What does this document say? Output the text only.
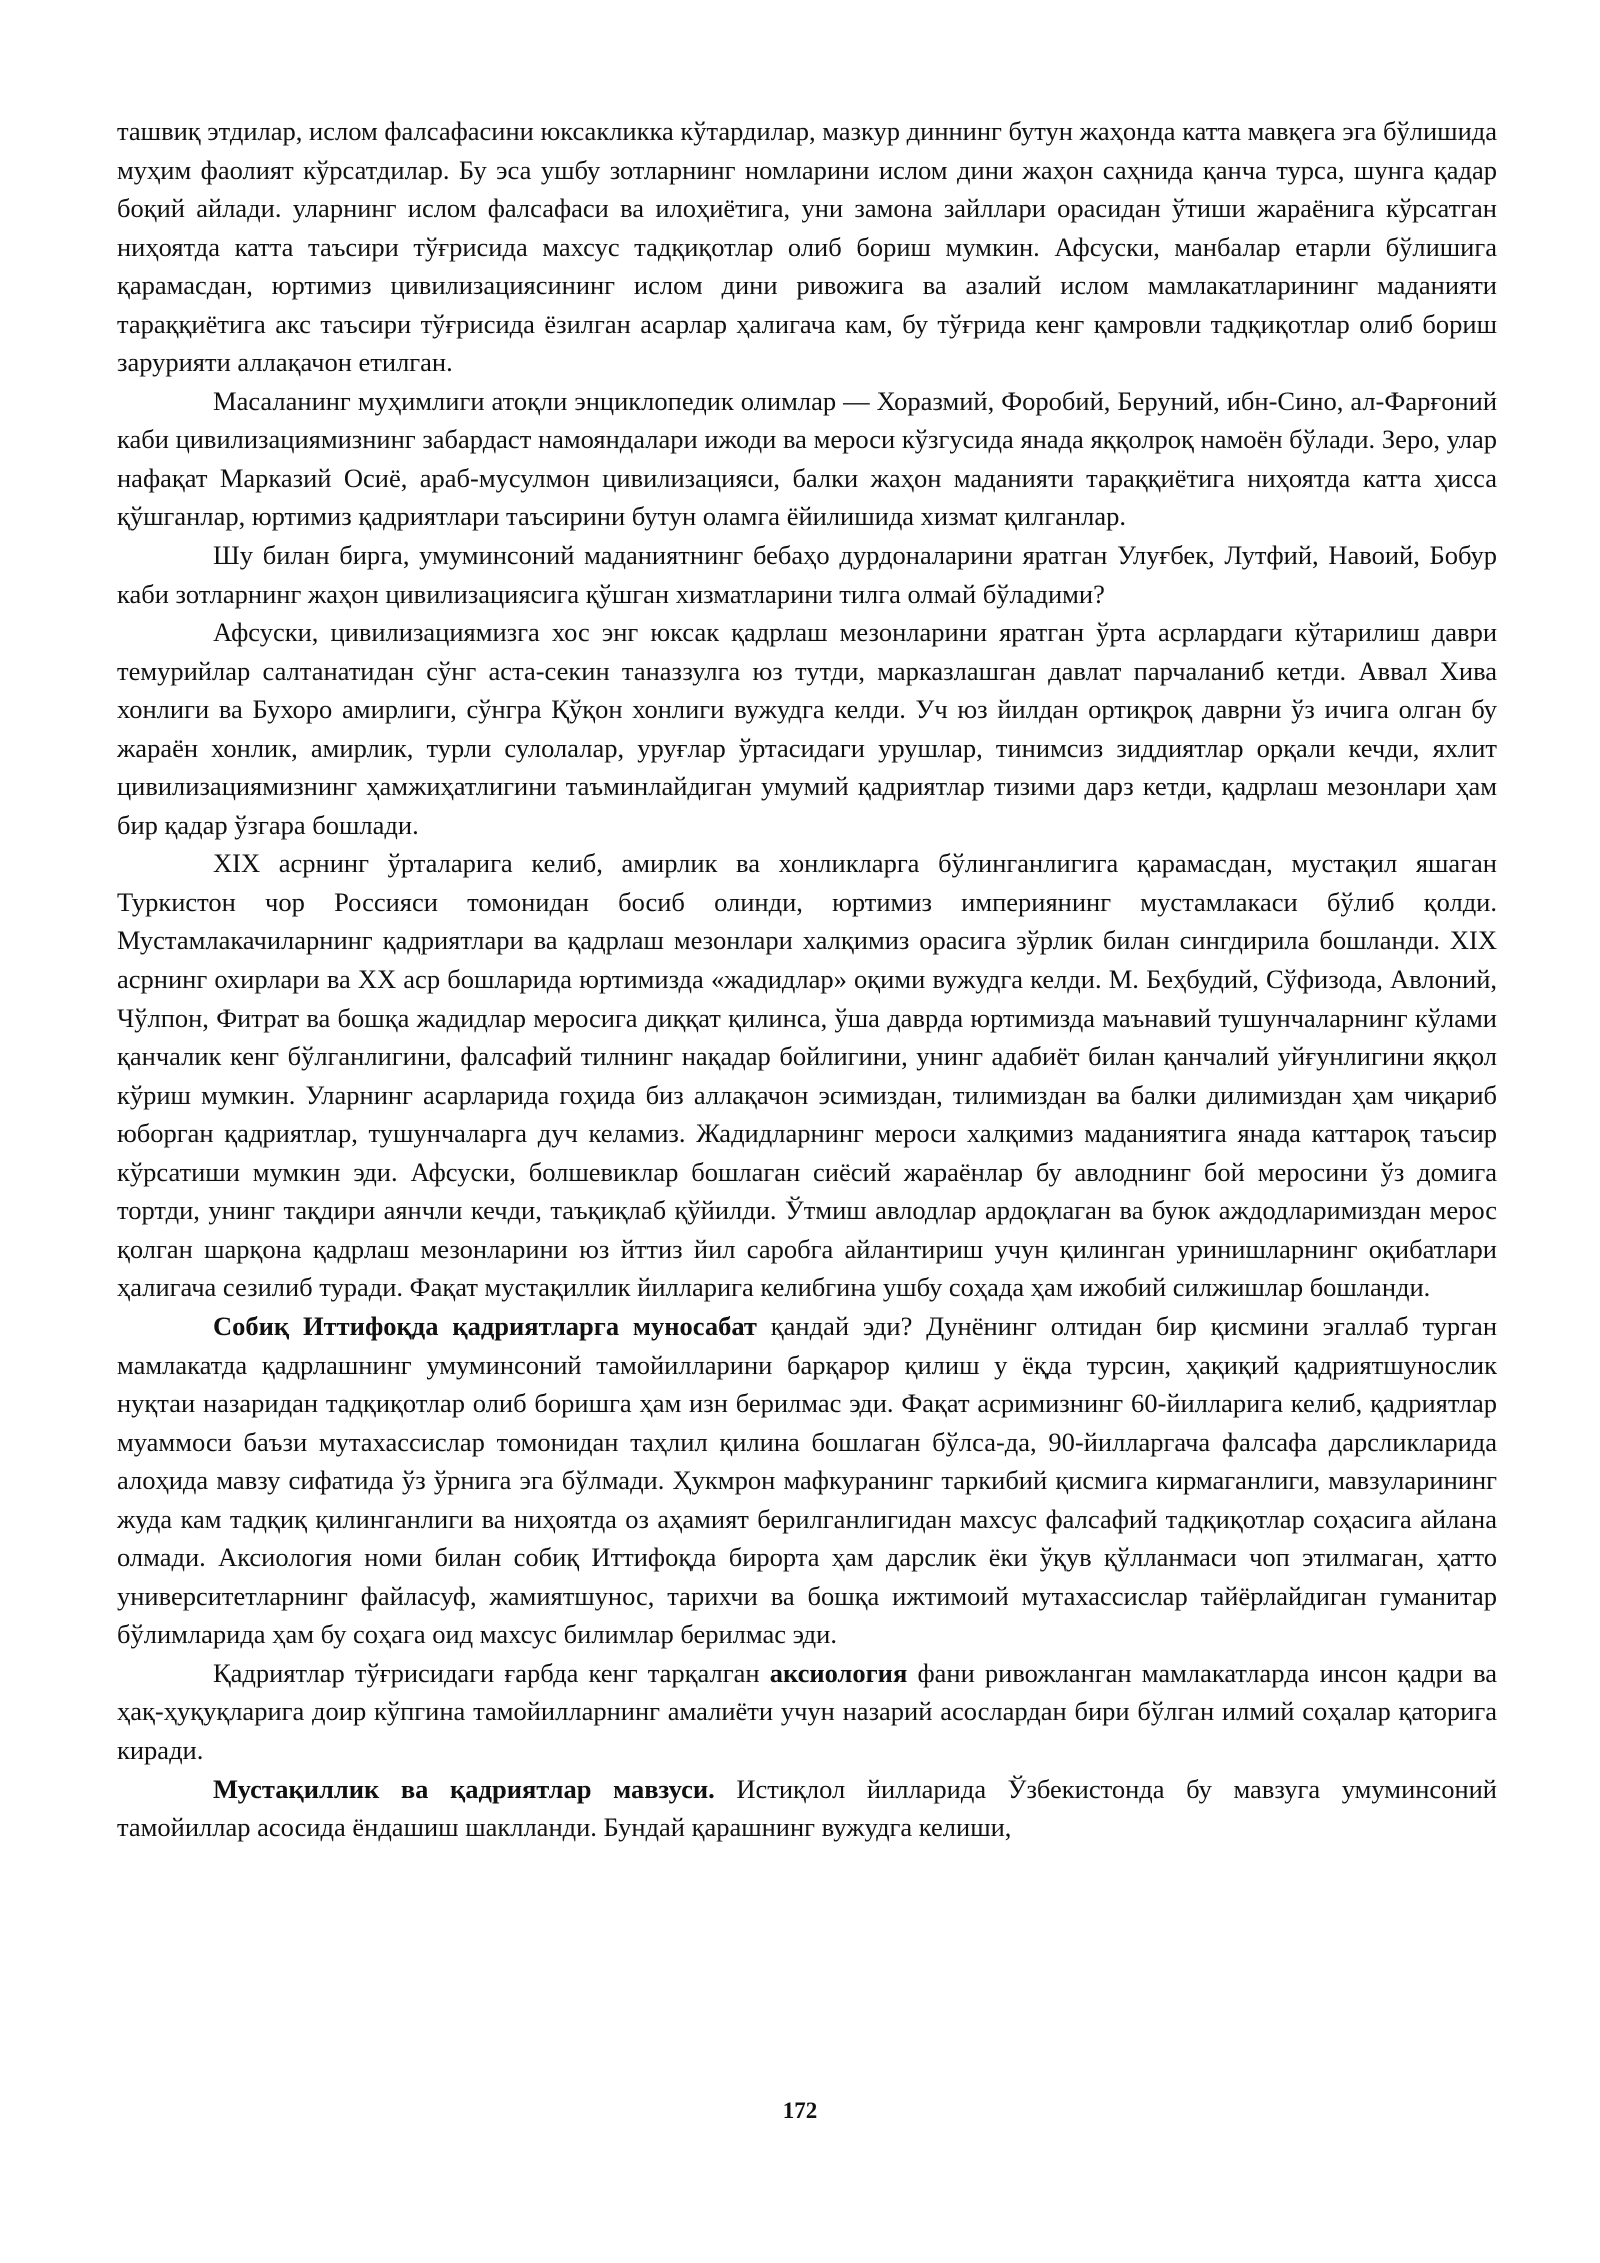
ташвиқ этдилар, ислом фалсафасини юксакликка кўтардилар, мазкур диннинг бутун жаҳонда катта мавқега эга бўлишида муҳим фаолият кўрсатдилар. Бу эса ушбу зотларнинг номларини ислом дини жаҳон саҳнида қанча турса, шунга қадар боқий айлади. уларнинг ислом фалсафаси ва илоҳиётига, уни замона зайллари орасидан ўтиши жараёнига кўрсатган ниҳоятда катта таъсири тўғрисида махсус тадқиқотлар олиб бориш мумкин. Афсуски, манбалар етарли бўлишига қарамасдан, юртимиз цивилизациясининг ислом дини ривожига ва азалий ислом мамлакатларининг маданияти тараққиётига акс таъсири тўғрисида ёзилган асарлар ҳалигача кам, бу тўғрида кенг қамровли тадқиқотлар олиб бориш зарурияти аллақачон етилган.

Масаланинг муҳимлиги атоқли энциклопедик олимлар — Хоразмий, Форобий, Беруний, ибн-Сино, ал-Фарғоний каби цивилизациямизнинг забардаст намояндалари ижоди ва мероси кўзгусида янада яққолроқ намоён бўлади. Зеро, улар нафақат Марказий Осиё, араб-мусулмон цивилизацияси, балки жаҳон маданияти тараққиётига ниҳоятда катта ҳисса қўшганлар, юртимиз қадриятлари таъсирини бутун оламга ёйилишида хизмат қилганлар.

Шу билан бирга, умуминсоний маданиятнинг бебаҳо дурдоналарини яратган Улуғбек, Лутфий, Навоий, Бобур каби зотларнинг жаҳон цивилизациясига қўшган хизматларини тилга олмай бўладими?

Афсуски, цивилизациямизга хос энг юксак қадрлаш мезонларини яратган ўрта асрлардаги кўтарилиш даври темурийлар салтанатидан сўнг аста-секин таназзулга юз тутди, марказлашган давлат парчаланиб кетди. Аввал Хива хонлиги ва Бухоро амирлиги, сўнгра Қўқон хонлиги вужудга келди. Уч юз йилдан ортиқроқ даврни ўз ичига олган бу жараён хонлик, амирлик, турли сулолалар, уруғлар ўртасидаги урушлар, тинимсиз зиддиятлар орқали кечди, яхлит цивилизациямизнинг ҳамжиҳатлигини таъминлайдиган умумий қадриятлар тизими дарз кетди, қадрлаш мезонлари ҳам бир қадар ўзгара бошлади.

XIX асрнинг ўрталарига келиб, амирлик ва хонликларга бўлинганлигига қарамасдан, мустақил яшаган Туркистон чор Россияси томонидан босиб олинди, юртимиз империянинг мустамлакаси бўлиб қолди. Мустамлакачиларнинг қадриятлари ва қадрлаш мезонлари халқимиз орасига зўрлик билан сингдирила бошланди. XIX асрнинг охирлари ва XX аср бошларида юртимизда «жадидлар» оқими вужудга келди. М. Беҳбудий, Сўфизода, Авлоний, Чўлпон, Фитрат ва бошқа жадидлар меросига диққат қилинса, ўша даврда юртимизда маънавий тушунчаларнинг кўлами қанчалик кенг бўлганлигини, фалсафий тилнинг нақадар бойлигини, унинг адабиёт билан қанчалий уйғунлигини яққол кўриш мумкин. Уларнинг асарларида гоҳида биз аллақачон эсимиздан, тилимиздан ва балки дилимиздан ҳам чиқариб юборган қадриятлар, тушунчаларга дуч келамиз. Жадидларнинг мероси халқимиз маданиятига янада каттароқ таъсир кўрсатиши мумкин эди. Афсуски, болшевиклар бошлаган сиёсий жараёнлар бу авлоднинг бой меросини ўз домига тортди, унинг тақдири аянчли кечди, таъқиқлаб қўйилди. Ўтмиш авлодлар ардоқлаган ва буюк аждодларимиздан мерос қолган шарқона қадрлаш мезонларини юз йттиз йил саробга айлантириш учун қилинган уринишларнинг оқибатлари ҳалигача сезилиб туради. Фақат мустақиллик йилларига келибгина ушбу соҳада ҳам ижобий силжишлар бошланди.

Собиқ Иттифоқда қадриятларга муносабат қандай эди? Дунёнинг олтидан бир қисмини эгаллаб турган мамлакатда қадрлашнинг умуминсоний тамойилларини барқарор қилиш у ёқда турсин, ҳақиқий қадриятшунослик нуқтаи назаридан тадқиқотлар олиб боришга ҳам изн берилмас эди. Фақат асримизнинг 60-йилларига келиб, қадриятлар муаммоси баъзи мутахассислар томонидан таҳлил қилина бошлаган бўлса-да, 90-йилларгача фалсафа дарсликларида алоҳида мавзу сифатида ўз ўрнига эга бўлмади. Ҳукмрон мафкуранинг таркибий қисмига кирмаганлиги, мавзуларининг жуда кам тадқиқ қилинганлиги ва ниҳоятда оз аҳамият берилганлигидан махсус фалсафий тадқиқотлар соҳасига айлана олмади. Аксиология номи билан собиқ Иттифоқда бирорта ҳам дарслик ёки ўқув қўлланмаси чоп этилмаган, ҳатто университетларнинг файласуф, жамиятшунос, тарихчи ва бошқа ижтимоий мутахассислар тайёрлайдиган гуманитар бўлимларида ҳам бу соҳага оид махсус билимлар берилмас эди.

Қадриятлар тўғрисидаги ғарбда кенг тарқалган аксиология фани ривожланган мамлакатларда инсон қадри ва ҳақ-ҳуқуқларига доир кўпгина тамойилларнинг амалиёти учун назарий асослардан бири бўлган илмий соҳалар қаторига киради.

Мустақиллик ва қадриятлар мавзуси. Истиқлол йилларида Ўзбекистонда бу мавзуга умуминсоний тамойиллар асосида ёндашиш шаклланди. Бундай қарашнинг вужудга келиши,

172
